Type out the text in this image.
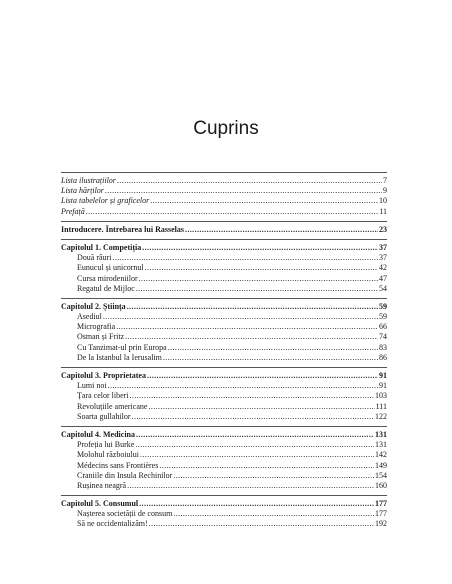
Cuprins
Lista ilustrațiilor .....	7
Lista hărților .....	9
Lista tabelelor și graficelor .....	10
Prefață .....	11
Introducere. Întrebarea lui Rasselas .....	23
Capitolul 1. Competiția .....	37
Două râuri .....	37
Eunucul și unicornul .....	42
Cursa mirodeniilor .....	47
Regatul de Mijloc .....	54
Capitolul 2. Știința .....	59
Asediul .....	59
Micrografia .....	66
Osman și Fritz .....	74
Cu Tanzimat-ul prin Europa .....	83
De la Istanbul la Ierusalim .....	86
Capitolul 3. Proprietatea .....	91
Lumi noi .....	91
Țara celor liberi .....	103
Revoluțiile americane .....	111
Soarta gullahilor .....	122
Capitolul 4. Medicina .....	131
Profeția lui Burke .....	131
Molohul războiului .....	142
Médecins sans Frontières .....	149
Craniile din Insula Rechinilor .....	154
Rușinea neagră .....	160
Capitolul 5. Consumul .....	177
Nașterea societății de consum .....	177
Să ne occidentalizăm! .....	192
